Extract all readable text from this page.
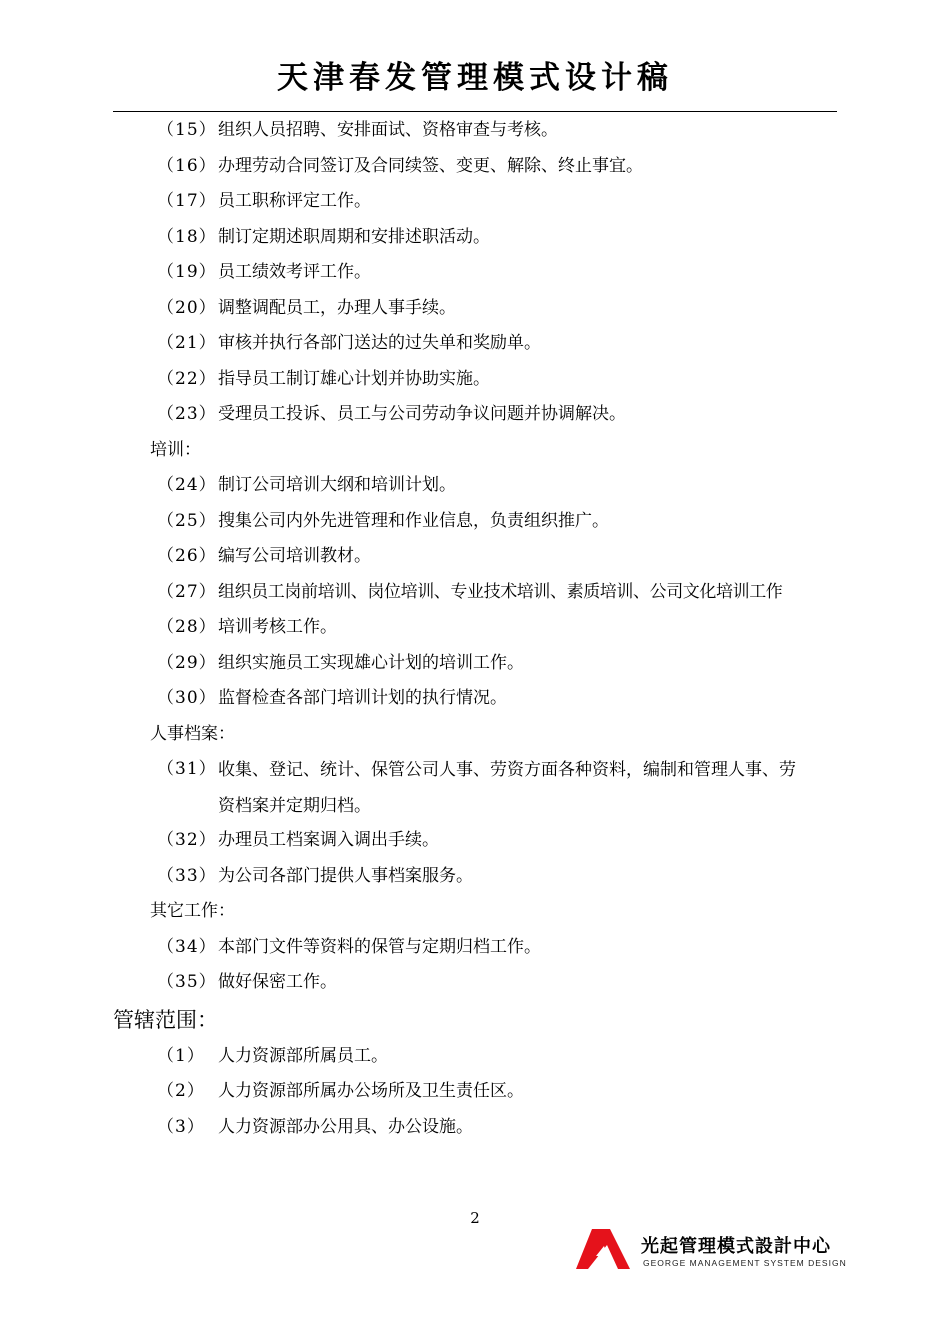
天津春发管理模式设计稿
（15） 组织人员招聘、安排面试、资格审查与考核。
（16） 办理劳动合同签订及合同续签、变更、解除、终止事宜。
（17） 员工职称评定工作。
（18） 制订定期述职周期和安排述职活动。
（19） 员工绩效考评工作。
（20） 调整调配员工，办理人事手续。
（21） 审核并执行各部门送达的过失单和奖励单。
（22） 指导员工制订雄心计划并协助实施。
（23） 受理员工投诉、员工与公司劳动争议问题并协调解决。
培训：
（24） 制订公司培训大纲和培训计划。
（25） 搜集公司内外先进管理和作业信息，负责组织推广。
（26） 编写公司培训教材。
（27） 组织员工岗前培训、岗位培训、专业技术培训、素质培训、公司文化培训工作
（28） 培训考核工作。
（29） 组织实施员工实现雄心计划的培训工作。
（30） 监督检查各部门培训计划的执行情况。
人事档案：
（31） 收集、登记、统计、保管公司人事、劳资方面各种资料，编制和管理人事、劳
资档案并定期归档。
（32） 办理员工档案调入调出手续。
（33） 为公司各部门提供人事档案服务。
其它工作：
（34） 本部门文件等资料的保管与定期归档工作。
（35） 做好保密工作。
管辖范围：
（1） 人力资源部所属员工。
（2） 人力资源部所属办公场所及卫生责任区。
（3） 人力资源部办公用具、办公设施。
2
光起管理模式設計中心
GEORGE MANAGEMENT SYSTEM DESIGN
